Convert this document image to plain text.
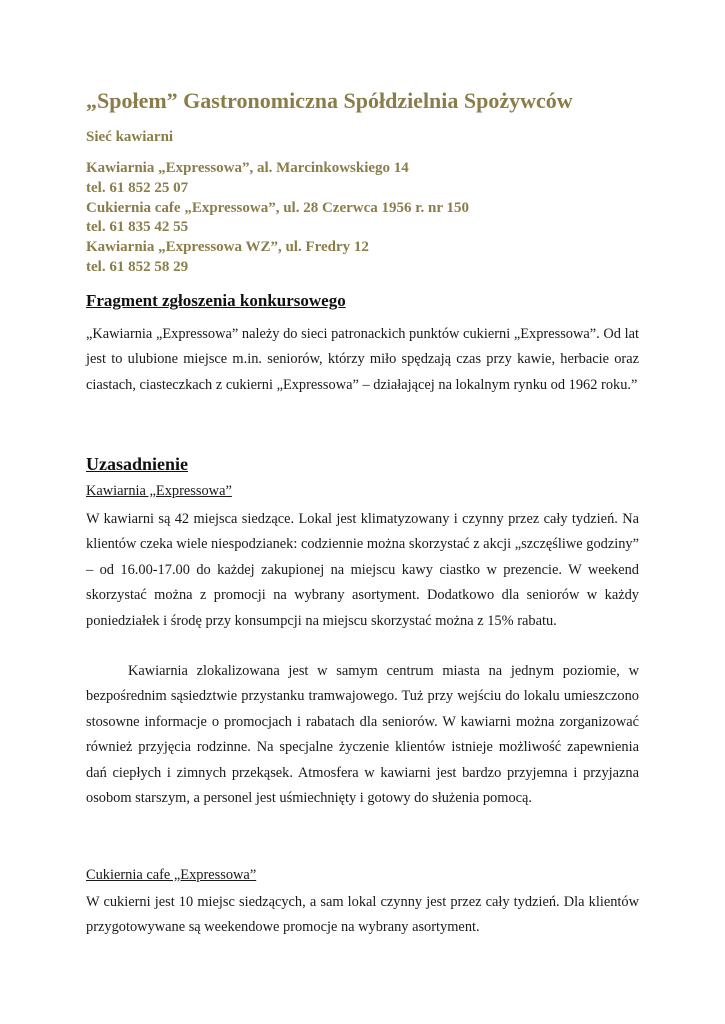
„Społem” Gastronomiczna Spółdzielnia Spożywców
Sieć kawiarni
Kawiarnia „Expressowa”, al. Marcinkowskiego 14
tel. 61 852 25 07
Cukiernia cafe „Expressowa”, ul. 28 Czerwca 1956 r. nr 150
tel. 61 835 42 55
Kawiarnia „Expressowa WZ”, ul. Fredry 12
tel. 61 852 58 29
Fragment zgłoszenia konkursowego
„Kawiarnia „Expressowa” należy do sieci patronackich punktów cukierni „Expressowa”. Od lat jest to ulubione miejsce m.in. seniorów, którzy miło spędzają czas przy kawie, herbacie oraz ciastach, ciasteczkach z cukierni „Expressowa” – działającej na lokalnym rynku od 1962 roku.”
Uzasadnienie
Kawiarnia „Expressowa”
W kawiarni są 42 miejsca siedzące. Lokal jest klimatyzowany i czynny przez cały tydzień. Na klientów czeka wiele niespodzianek: codziennie można skorzystać z akcji „szczęśliwe godziny” – od 16.00-17.00 do każdej zakupionej na miejscu kawy ciastko w prezencie. W weekend skorzystać można z promocji na wybrany asortyment. Dodatkowo dla seniorów w każdy poniedziałek i środę przy konsumpcji na miejscu skorzystać można z 15% rabatu.
Kawiarnia zlokalizowana jest w samym centrum miasta na jednym poziomie, w bezpośrednim sąsiedztwie przystanku tramwajowego. Tuż przy wejściu do lokalu umieszczono stosowne informacje o promocjach i rabatach dla seniorów. W kawiarni można zorganizować również przyjęcia rodzinne. Na specjalne życzenie klientów istnieje możliwość zapewnienia dań ciepłych i zimnych przekąsek. Atmosfera w kawiarni jest bardzo przyjemna i przyjazna osobom starszym, a personel jest uśmiechnięty i gotowy do służenia pomocą.
Cukiernia cafe „Expressowa”
W cukierni jest 10 miejsc siedzących, a sam lokal czynny jest przez cały tydzień. Dla klientów przygotowywane są weekendowe promocje na wybrany asortyment.
